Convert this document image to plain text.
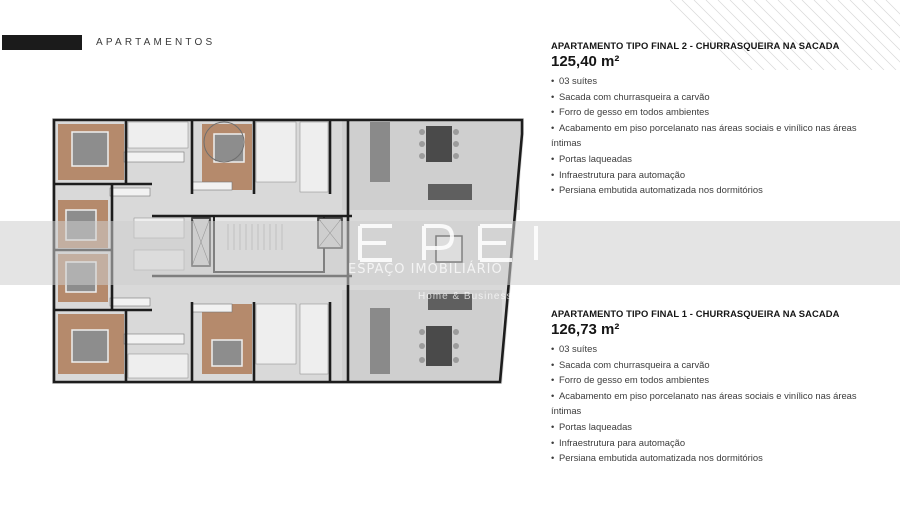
APARTAMENTOS
ESPAÇO IMOBILIÁRIO
Home & Business
APARTAMENTO TIPO FINAL 2 - CHURRASQUEIRA NA SACADA
125,40 m²
• 03 suítes
• Sacada com churrasqueira a carvão
• Forro de gesso em todos ambientes
• Acabamento em piso porcelanato nas áreas sociais e vinílico nas áreas
íntimas
• Portas laqueadas
• Infraestrutura para automação
• Persiana embutida automatizada nos dormitórios
APARTAMENTO TIPO FINAL 1 - CHURRASQUEIRA NA SACADA
126,73 m²
• 03 suítes
• Sacada com churrasqueira a carvão
• Forro de gesso em todos ambientes
• Acabamento em piso porcelanato nas áreas sociais e vinílico nas áreas
íntimas
• Portas laqueadas
• Infraestrutura para automação
• Persiana embutida automatizada nos dormitórios
